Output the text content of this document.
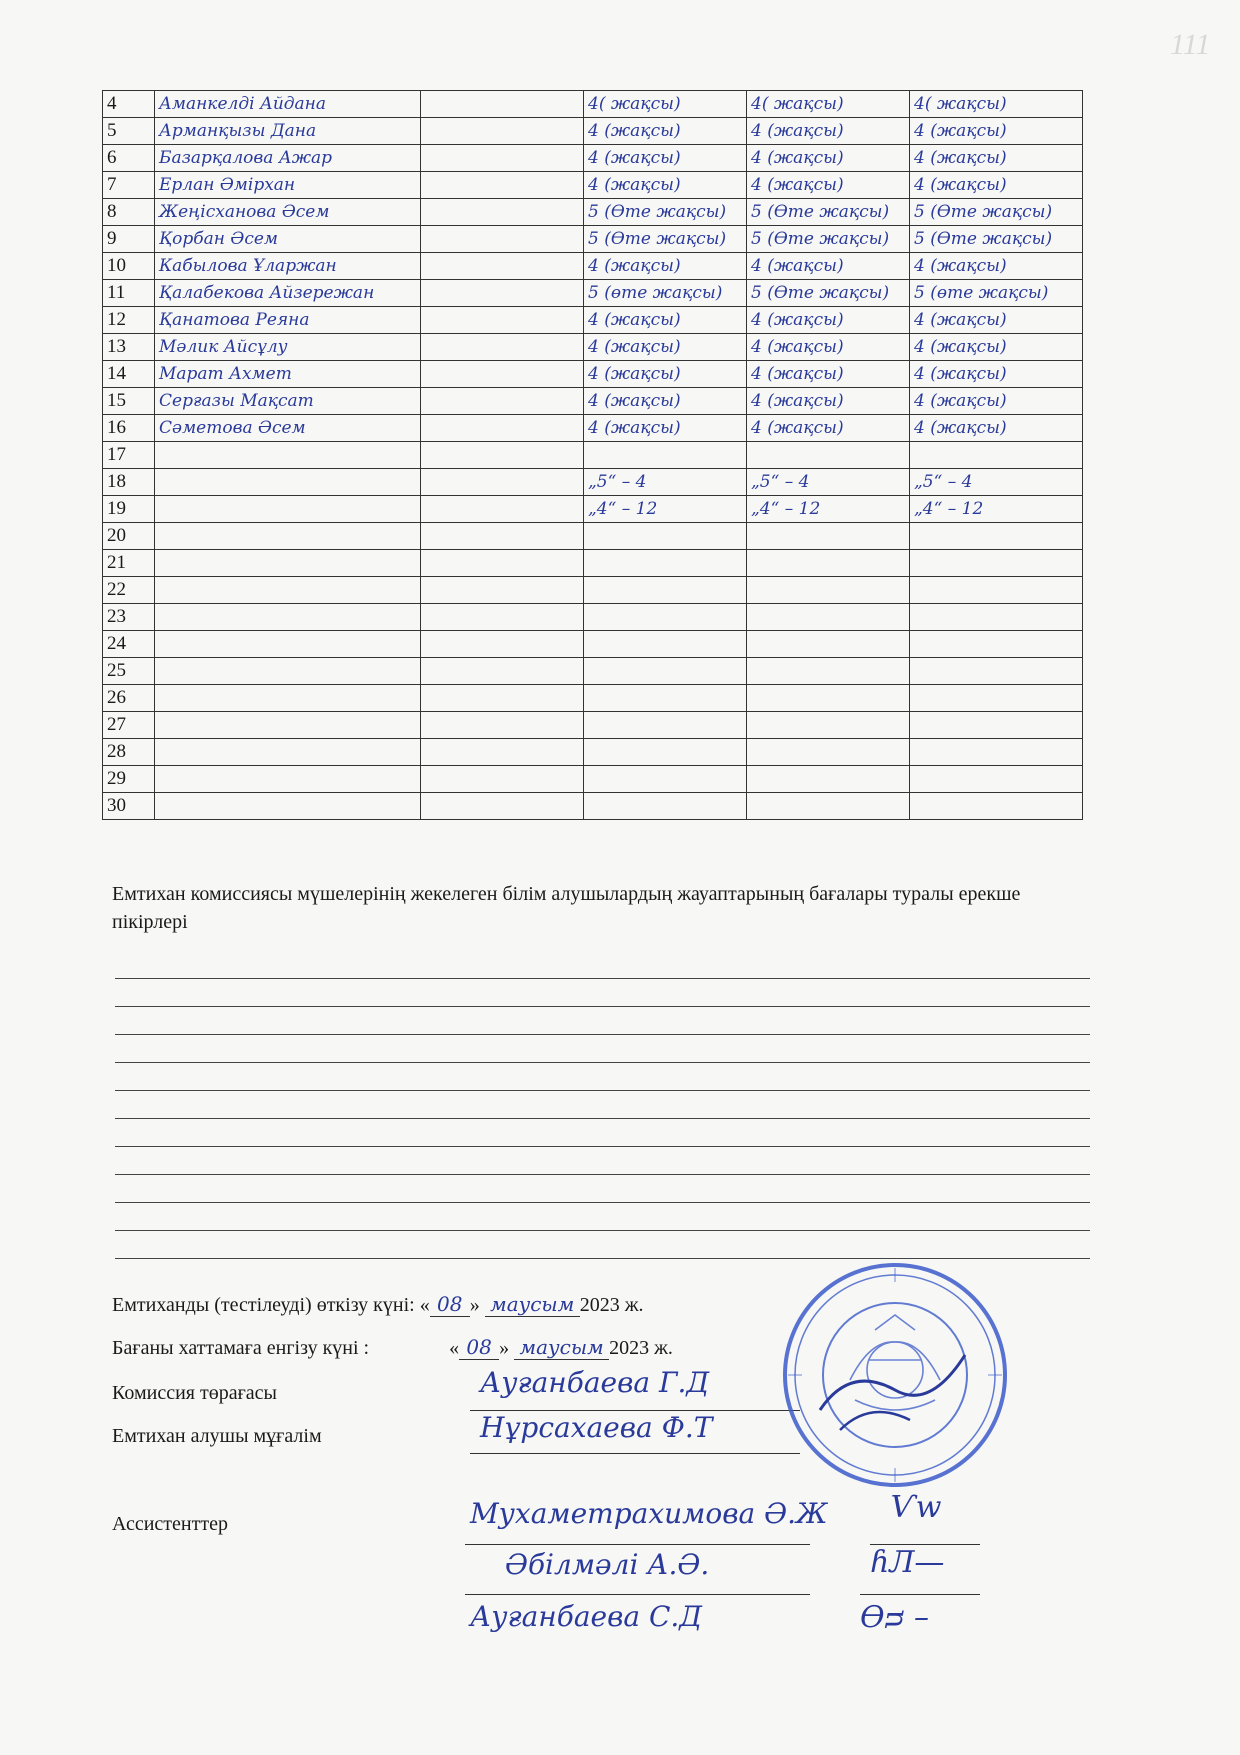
111
4	Аманкелді Айдана		4( жақсы)	4( жақсы)	4( жақсы)
5	Арманқызы Дана		4 (жақсы)	4 (жақсы)	4 (жақсы)
6	Базарқалова Ажар		4 (жақсы)	4 (жақсы)	4 (жақсы)
7	Ерлан Әмірхан		4 (жақсы)	4 (жақсы)	4 (жақсы)
8	Жеңісханова Әсем		5 (Өте жақсы)	5 (Өте жақсы)	5 (Өте жақсы)
9	Қорбан Әсем		5 (Өте жақсы)	5 (Өте жақсы)	5 (Өте жақсы)
10	Кабылова Ұларжан		4 (жақсы)	4 (жақсы)	4 (жақсы)
11	Қалабекова Айзережан		5 (өте жақсы)	5 (Өте жақсы)	5 (өте жақсы)
12	Қанатова Реяна		4 (жақсы)	4 (жақсы)	4 (жақсы)
13	Мәлик Айсұлу		4 (жақсы)	4 (жақсы)	4 (жақсы)
14	Марат Ахмет		4 (жақсы)	4 (жақсы)	4 (жақсы)
15	Серғазы Мақсат		4 (жақсы)	4 (жақсы)	4 (жақсы)
16	Сәметова Әсем		4 (жақсы)	4 (жақсы)	4 (жақсы)
17					
18			„5“ – 4	„5“ – 4	„5“ – 4
19			„4“ – 12	„4“ – 12	„4“ – 12
20					
21					
22					
23					
24					
25					
26					
27					
28					
29					
30					
Емтихан комиссиясы мүшелерінің жекелеген білім алушылардың жауаптарының бағалары туралы ерекше пікірлері
Емтиханды (тестілеуді) өткізу күні: « 08 » маусым 2023 ж.
Бағаны хаттамаға енгізу күні :	« 08 » маусым 2023 ж.
Комиссия төрағасы	Ауғанбаева Г.Д
Емтихан алушы мұғалім	Нұрсахаева Ф.Т
Ассистенттер	Мухаметрахимова Ә.Ж Ѵw
Әбілмәлі А.Ә.	ɦЛ—
Ауғанбаева С.Д	Ѳᴝ –
